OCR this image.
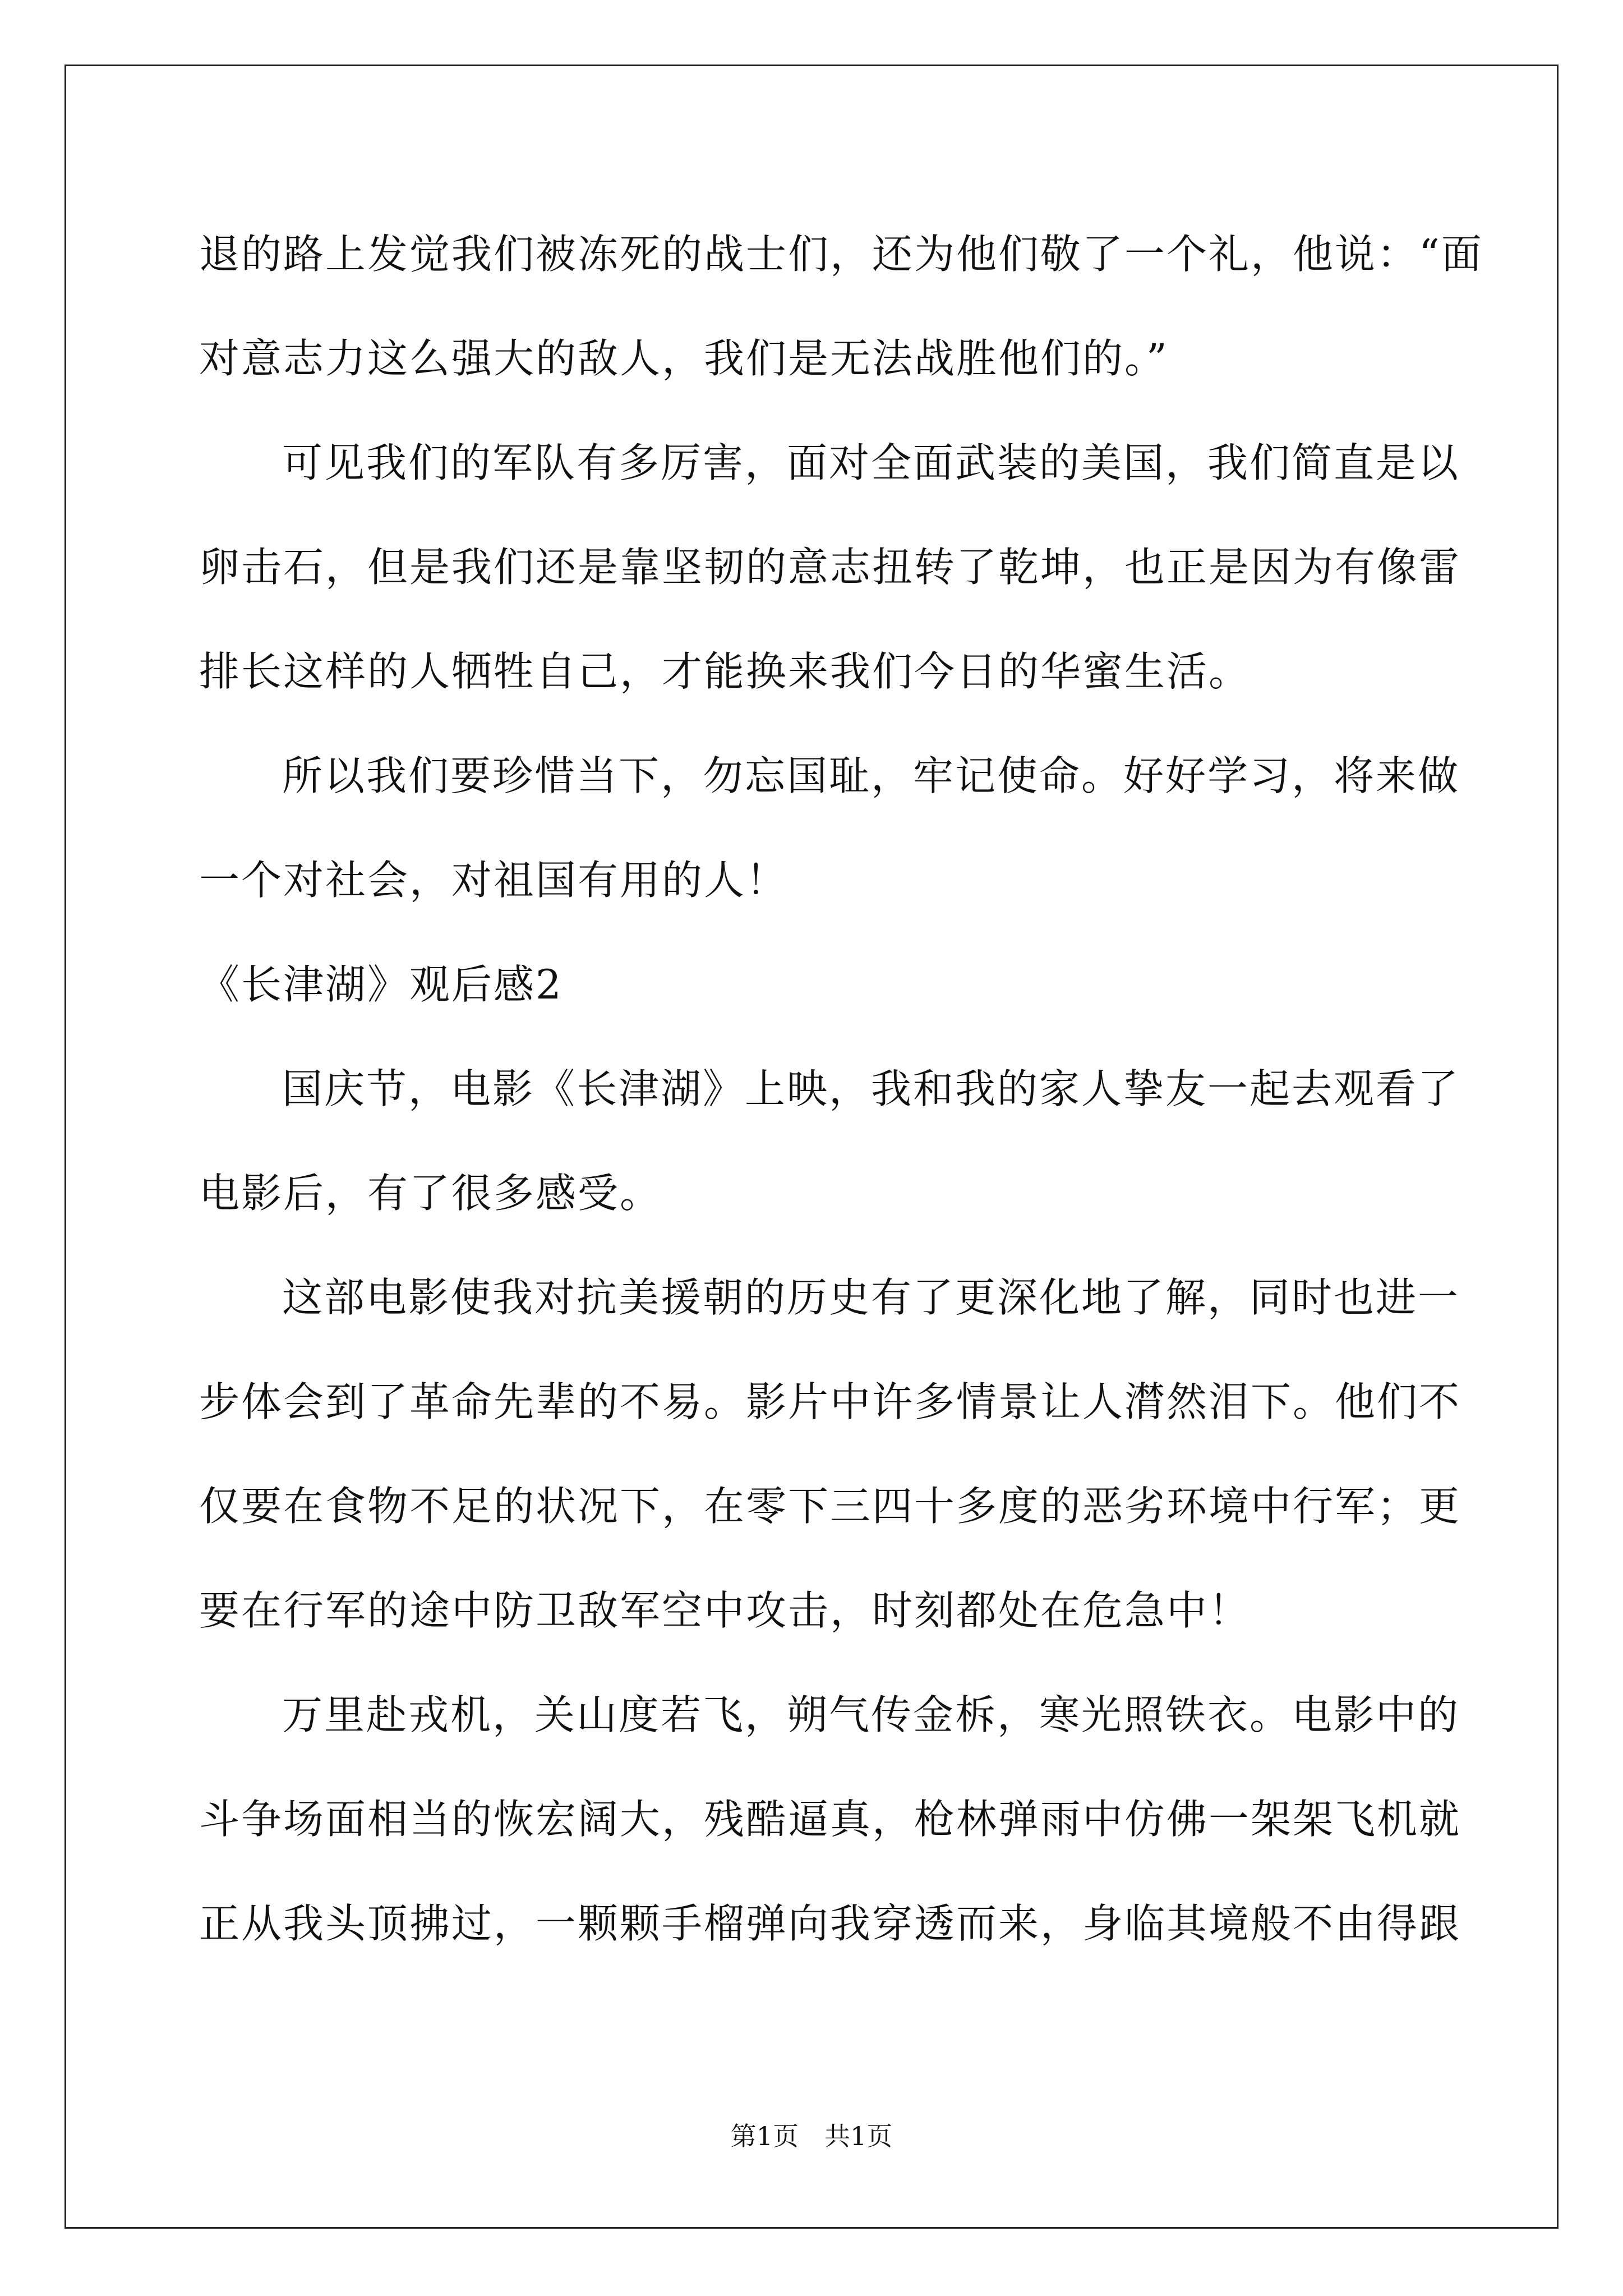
退的路上发觉我们被冻死的战士们，还为他们敬了一个礼，他说：“面
对意志力这么强大的敌人，我们是无法战胜他们的。”
可见我们的军队有多厉害，面对全面武装的美国，我们简直是以
卵击石，但是我们还是靠坚韧的意志扭转了乾坤，也正是因为有像雷
排长这样的人牺牲自己，才能换来我们今日的华蜜生活。
所以我们要珍惜当下，勿忘国耻，牢记使命。好好学习，将来做
一个对社会，对祖国有用的人！
《长津湖》观后感2
国庆节，电影《长津湖》上映，我和我的家人挚友一起去观看了
电影后，有了很多感受。
这部电影使我对抗美援朝的历史有了更深化地了解，同时也进一
步体会到了革命先辈的不易。影片中许多情景让人潸然泪下。他们不
仅要在食物不足的状况下，在零下三四十多度的恶劣环境中行军；更
要在行军的途中防卫敌军空中攻击，时刻都处在危急中！
万里赴戎机，关山度若飞，朔气传金柝，寒光照铁衣。电影中的
斗争场面相当的恢宏阔大，残酷逼真，枪林弹雨中仿佛一架架飞机就
正从我头顶拂过，一颗颗手榴弹向我穿透而来，身临其境般不由得跟
第1页　共1页
